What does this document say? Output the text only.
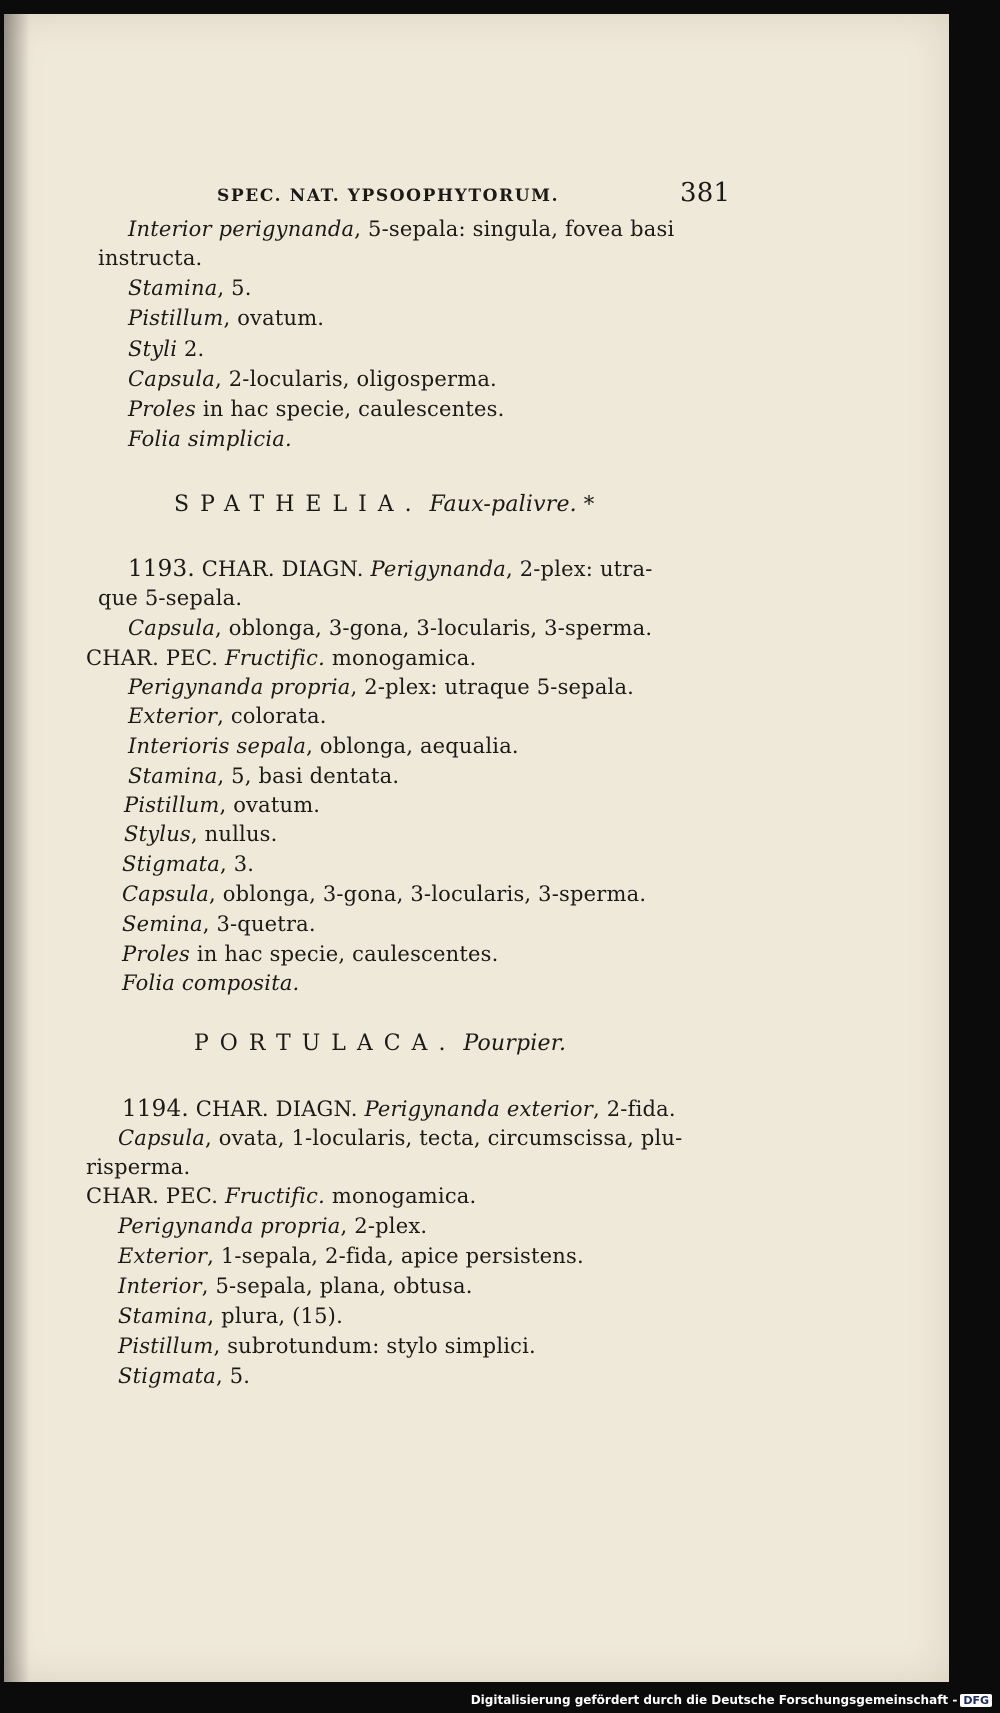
SPEC. NAT. YPSOOPHYTORUM.	381
Interior perigynanda, 5-sepala: singula, fovea basi
instructa.
Stamina, 5.
Pistillum, ovatum.
Styli 2.
Capsula, 2-locularis, oligosperma.
Proles in hac specie, caulescentes.
Folia simplicia.
SPATHELIA. Faux-palivre. *
1193. CHAR. DIAGN. Perigynanda, 2-plex: utra-
que 5-sepala.
Capsula, oblonga, 3-gona, 3-locularis, 3-sperma.
CHAR. PEC. Fructific. monogamica.
Perigynanda propria, 2-plex: utraque 5-sepala.
Exterior, colorata.
Interioris sepala, oblonga, aequalia.
Stamina, 5, basi dentata.
Pistillum, ovatum.
Stylus, nullus.
Stigmata, 3.
Capsula, oblonga, 3-gona, 3-locularis, 3-sperma.
Semina, 3-quetra.
Proles in hac specie, caulescentes.
Folia composita.
PORTULACA. Pourpier.
1194. CHAR. DIAGN. Perigynanda exterior, 2-fida.
Capsula, ovata, 1-locularis, tecta, circumscissa, plu-
risperma.
CHAR. PEC. Fructific. monogamica.
Perigynanda propria, 2-plex.
Exterior, 1-sepala, 2-fida, apice persistens.
Interior, 5-sepala, plana, obtusa.
Stamina, plura, (15).
Pistillum, subrotundum: stylo simplici.
Stigmata, 5.
Digitalisierung gefördert durch die Deutsche Forschungsgemeinschaft - DFG
